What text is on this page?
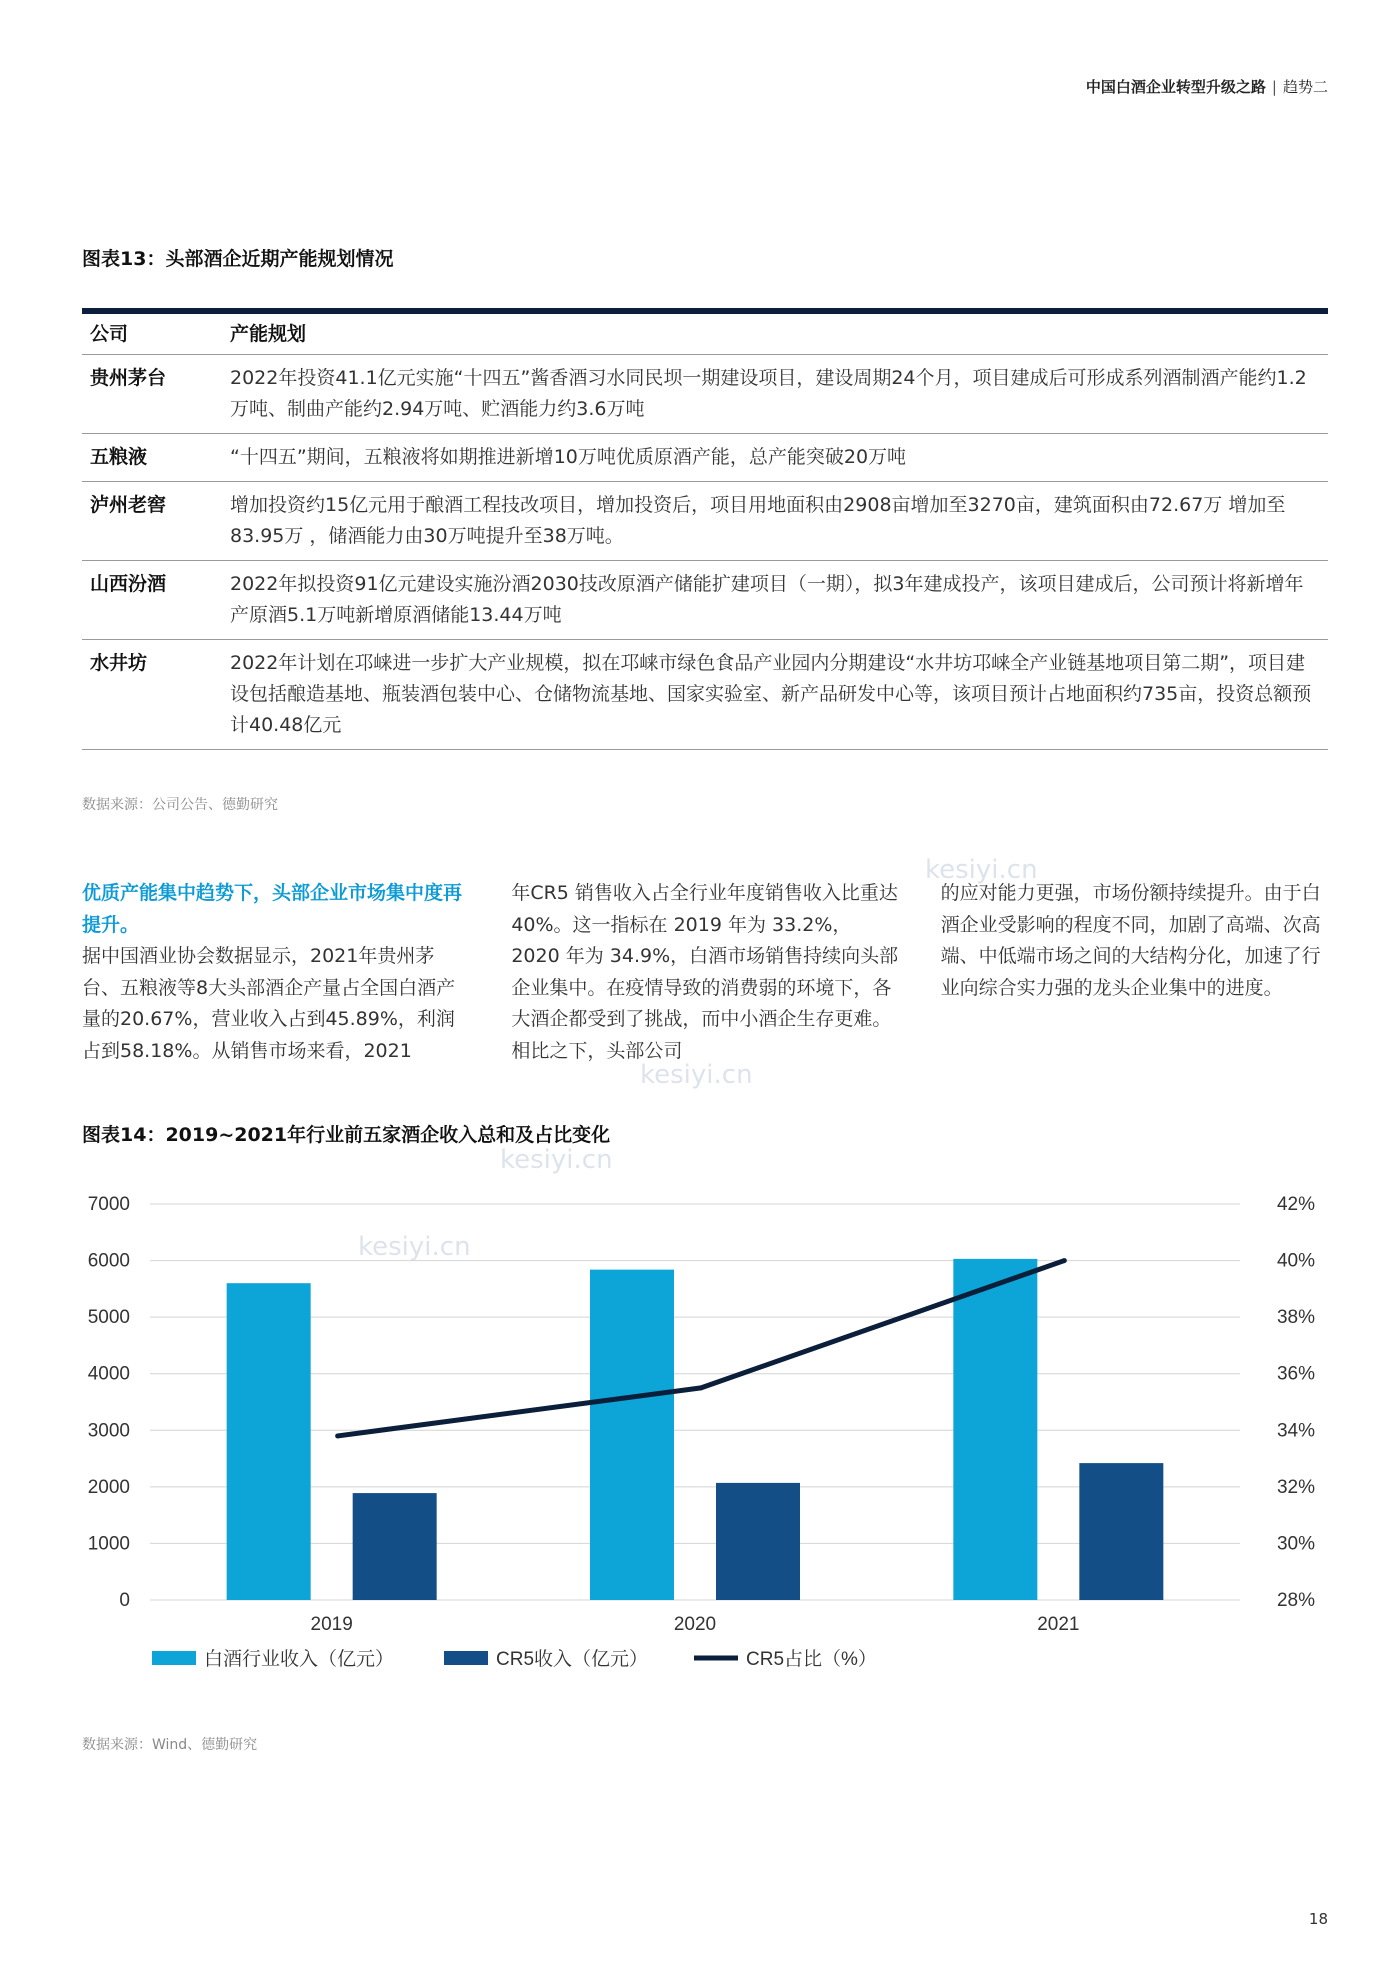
中国白酒企业转型升级之路 | 趋势二
图表13：头部酒企近期产能规划情况
公司	产能规划
贵州茅台	2022年投资41.1亿元实施“十四五”酱香酒习水同民坝一期建设项目，建设周期24个月，项目建成后可形成系列酒制酒产能约1.2万吨、制曲产能约2.94万吨、贮酒能力约3.6万吨
五粮液	“十四五”期间，五粮液将如期推进新增10万吨优质原酒产能，总产能突破20万吨
泸州老窖	增加投资约15亿元用于酿酒工程技改项目，增加投资后，项目用地面积由2908亩增加至3270亩，建筑面积由72.67万 增加至83.95万 ，储酒能力由30万吨提升至38万吨。
山西汾酒	2022年拟投资91亿元建设实施汾酒2030技改原酒产储能扩建项目（一期），拟3年建成投产，该项目建成后，公司预计将新增年产原酒5.1万吨新增原酒储能13.44万吨
水井坊	2022年计划在邛崃进一步扩大产业规模，拟在邛崃市绿色食品产业园内分期建设“水井坊邛崃全产业链基地项目第二期”，项目建设包括酿造基地、瓶装酒包装中心、仓储物流基地、国家实验室、新产品研发中心等，该项目预计占地面积约735亩，投资总额预计40.48亿元
数据来源：公司公告、德勤研究
优质产能集中趋势下，头部企业市场集中度再提升。
据中国酒业协会数据显示，2021年贵州茅台、五粮液等8大头部酒企产量占全国白酒产量的20.67%，营业收入占到45.89%，利润占到58.18%。从销售市场来看，2021
年CR5 销售收入占全行业年度销售收入比重达 40%。这一指标在 2019 年为 33.2%，2020 年为 34.9%，白酒市场销售持续向头部企业集中。在疫情导致的消费弱的环境下，各大酒企都受到了挑战，而中小酒企生存更难。相比之下，头部公司
的应对能力更强，市场份额持续提升。由于白酒企业受影响的程度不同，加剧了高端、次高端、中低端市场之间的大结构分化，加速了行业向综合实力强的龙头企业集中的进度。
图表14：2019~2021年行业前五家酒企收入总和及占比变化
0
1000
2000
3000
4000
5000
6000
7000
28%
30%
32%
34%
36%
38%
40%
42%
2019	2020	2021
白酒行业收入（亿元）	CR5收入（亿元）	CR5占比（%）
数据来源：Wind、德勤研究
kesiyi.cn
kesiyi.cn
kesiyi.cn
kesiyi.cn
18
